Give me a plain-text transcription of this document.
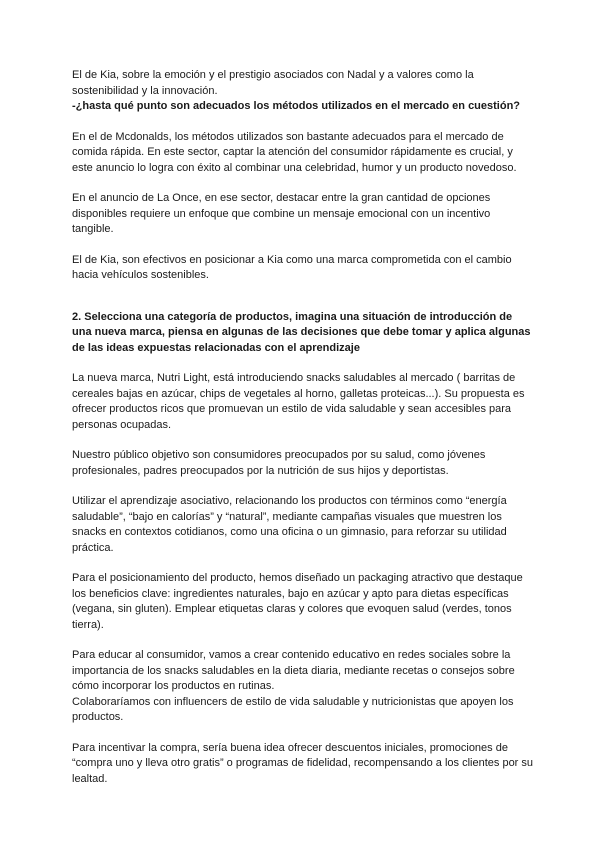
El de Kia, sobre la emoción y el prestigio asociados con Nadal y a valores como la sostenibilidad y la innovación.

-¿hasta qué punto son adecuados los métodos utilizados en el mercado en cuestión?

En el de Mcdonalds, los métodos utilizados son bastante adecuados para el mercado de comida rápida. En este sector, captar la atención del consumidor rápidamente es crucial, y este anuncio lo logra con éxito al combinar una celebridad, humor y un producto novedoso.

En el anuncio de La Once, en ese sector, destacar entre la gran cantidad de opciones disponibles requiere un enfoque que combine un mensaje emocional con un incentivo tangible.

El de Kia, son efectivos en posicionar a Kia como una marca comprometida con el cambio hacia vehículos sostenibles.

2. Selecciona una categoría de productos, imagina una situación de introducción de una nueva marca, piensa en algunas de las decisiones que debe tomar y aplica algunas de las ideas expuestas relacionadas con el aprendizaje

La nueva marca, Nutri Light, está introduciendo snacks saludables al mercado ( barritas de cereales bajas en azúcar, chips de vegetales al horno, galletas proteicas...). Su propuesta es ofrecer productos ricos que promuevan un estilo de vida saludable y sean accesibles para personas ocupadas.

Nuestro público objetivo son consumidores preocupados por su salud, como jóvenes profesionales, padres preocupados por la nutrición de sus hijos y deportistas.

Utilizar el aprendizaje asociativo, relacionando los productos con términos como “energía saludable”, “bajo en calorías” y “natural”, mediante campañas visuales que muestren los snacks en contextos cotidianos, como una oficina o un gimnasio, para reforzar su utilidad práctica.

Para el posicionamiento del producto, hemos diseñado un packaging atractivo que destaque los beneficios clave: ingredientes naturales, bajo en azúcar y apto para dietas específicas (vegana, sin gluten). Emplear etiquetas claras y colores que evoquen salud (verdes, tonos tierra).

Para educar al consumidor, vamos a crear contenido educativo en redes sociales sobre la importancia de los snacks saludables en la dieta diaria, mediante recetas o consejos sobre cómo incorporar los productos en rutinas.

Colaboraríamos con influencers de estilo de vida saludable y nutricionistas que apoyen los productos.

Para incentivar la compra, sería buena idea ofrecer descuentos iniciales, promociones de “compra uno y lleva otro gratis” o programas de fidelidad, recompensando a los clientes por su lealtad.
